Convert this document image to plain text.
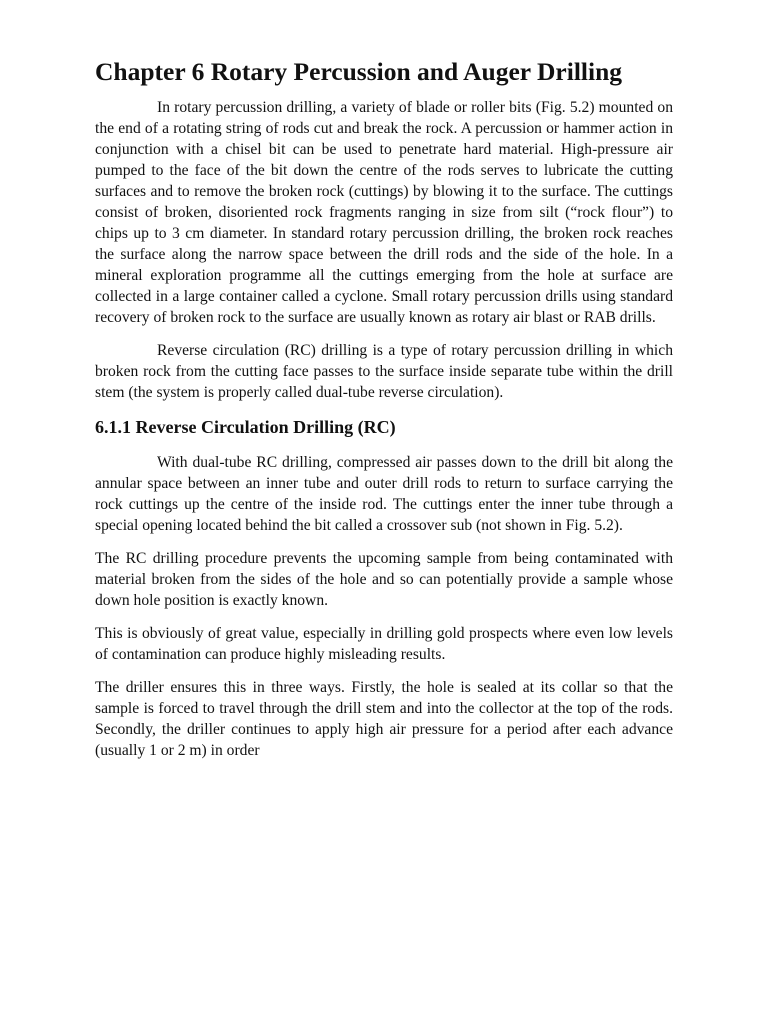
Chapter 6 Rotary Percussion and Auger Drilling

In rotary percussion drilling, a variety of blade or roller bits (Fig. 5.2) mounted on the end of a rotating string of rods cut and break the rock. A percussion or hammer action in conjunction with a chisel bit can be used to penetrate hard material. High-pressure air pumped to the face of the bit down the centre of the rods serves to lubricate the cutting surfaces and to remove the broken rock (cuttings) by blowing it to the surface. The cuttings consist of broken, disoriented rock fragments ranging in size from silt (“rock flour”) to chips up to 3 cm diameter. In standard rotary percussion drilling, the broken rock reaches the surface along the narrow space between the drill rods and the side of the hole. In a mineral exploration programme all the cuttings emerging from the hole at surface are collected in a large container called a cyclone. Small rotary percussion drills using standard recovery of broken rock to the surface are usually known as rotary air blast or RAB drills.

Reverse circulation (RC) drilling is a type of rotary percussion drilling in which broken rock from the cutting face passes to the surface inside separate tube within the drill stem (the system is properly called dual-tube reverse circulation).

6.1.1 Reverse Circulation Drilling (RC)

With dual-tube RC drilling, compressed air passes down to the drill bit along the annular space between an inner tube and outer drill rods to return to surface carrying the rock cuttings up the centre of the inside rod. The cuttings enter the inner tube through a special opening located behind the bit called a crossover sub (not shown in Fig. 5.2).

The RC drilling procedure prevents the upcoming sample from being contaminated with material broken from the sides of the hole and so can potentially provide a sample whose down hole position is exactly known.

This is obviously of great value, especially in drilling gold prospects where even low levels of contamination can produce highly misleading results.

The driller ensures this in three ways. Firstly, the hole is sealed at its collar so that the sample is forced to travel through the drill stem and into the collector at the top of the rods. Secondly, the driller continues to apply high air pressure for a period after each advance (usually 1 or 2 m) in order
